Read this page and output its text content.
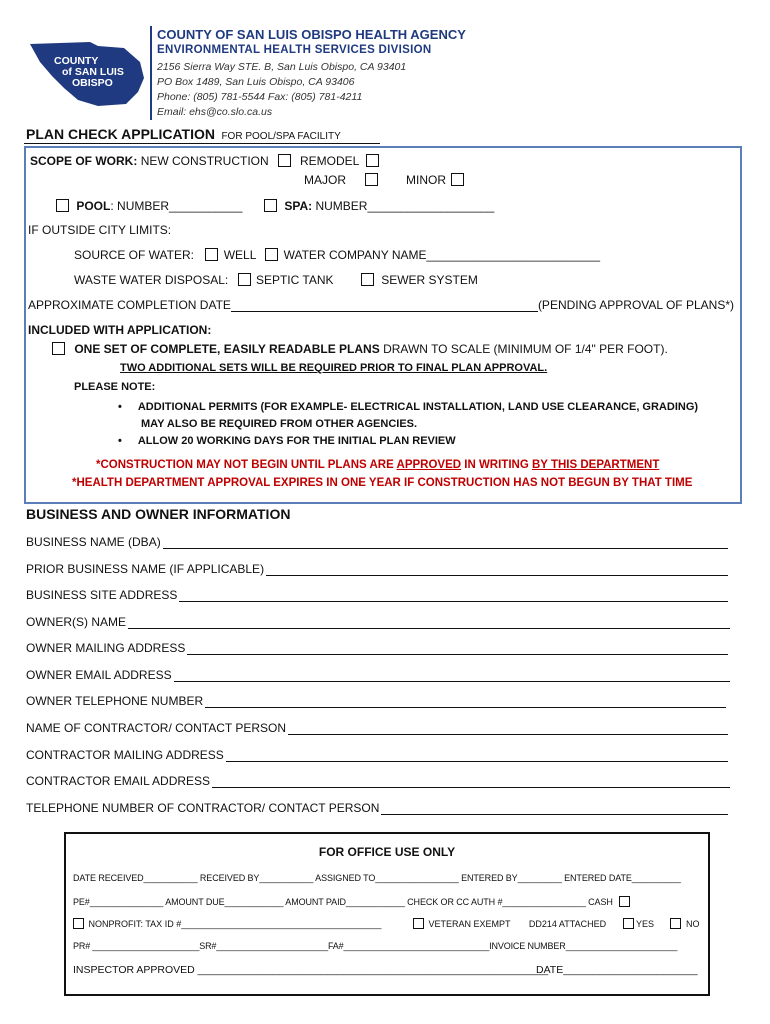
COUNTY
of SAN LUIS
OBISPO
COUNTY OF SAN LUIS OBISPO HEALTH AGENCY
ENVIRONMENTAL HEALTH SERVICES DIVISION
2156 Sierra Way STE. B, San Luis Obispo, CA 93401
PO Box 1489, San Luis Obispo, CA 93406
Phone: (805) 781-5544 Fax: (805) 781-4211
Email: ehs@co.slo.ca.us
PLAN CHECK APPLICATION FOR POOL/SPA FACILITY
SCOPE OF WORK: NEW CONSTRUCTION	REMODEL
MAJOR	MINOR
POOL: NUMBER___________	SPA: NUMBER___________________
IF OUTSIDE CITY LIMITS:
SOURCE OF WATER: WELL WATER COMPANY NAME__________________________
WASTE WATER DISPOSAL: SEPTIC TANK	SEWER SYSTEM
APPROXIMATE COMPLETION DATE	(PENDING APPROVAL OF PLANS*)
INCLUDED WITH APPLICATION:
ONE SET OF COMPLETE, EASILY READABLE PLANS DRAWN TO SCALE (MINIMUM OF 1/4" PER FOOT).
TWO ADDITIONAL SETS WILL BE REQUIRED PRIOR TO FINAL PLAN APPROVAL.
PLEASE NOTE:
• ADDITIONAL PERMITS (FOR EXAMPLE- ELECTRICAL INSTALLATION, LAND USE CLEARANCE, GRADING)
MAY ALSO BE REQUIRED FROM OTHER AGENCIES.
• ALLOW 20 WORKING DAYS FOR THE INITIAL PLAN REVIEW
*CONSTRUCTION MAY NOT BEGIN UNTIL PLANS ARE APPROVED IN WRITING BY THIS DEPARTMENT
*HEALTH DEPARTMENT APPROVAL EXPIRES IN ONE YEAR IF CONSTRUCTION HAS NOT BEGUN BY THAT TIME
BUSINESS AND OWNER INFORMATION
BUSINESS NAME (DBA)
PRIOR BUSINESS NAME (IF APPLICABLE)
BUSINESS SITE ADDRESS
OWNER(S) NAME
OWNER MAILING ADDRESS
OWNER EMAIL ADDRESS
OWNER TELEPHONE NUMBER
NAME OF CONTRACTOR/ CONTACT PERSON
CONTRACTOR MAILING ADDRESS
CONTRACTOR EMAIL ADDRESS
TELEPHONE NUMBER OF CONTRACTOR/ CONTACT PERSON
FOR OFFICE USE ONLY
DATE RECEIVED___________ RECEIVED BY___________ ASSIGNED TO_________________ ENTERED BY_________ ENTERED DATE__________
PE#_______________ AMOUNT DUE____________ AMOUNT PAID____________ CHECK OR CC AUTH #_________________ CASH
NONPROFIT: TAX ID #________________________________________	VETERAN EXEMPT DD214 ATTACHED	YES	NO
PR# ______________________SR#_______________________FA#______________________________INVOICE NUMBER_______________________
INSPECTOR APPROVED ____________________________________________________________
DATE_______________________
